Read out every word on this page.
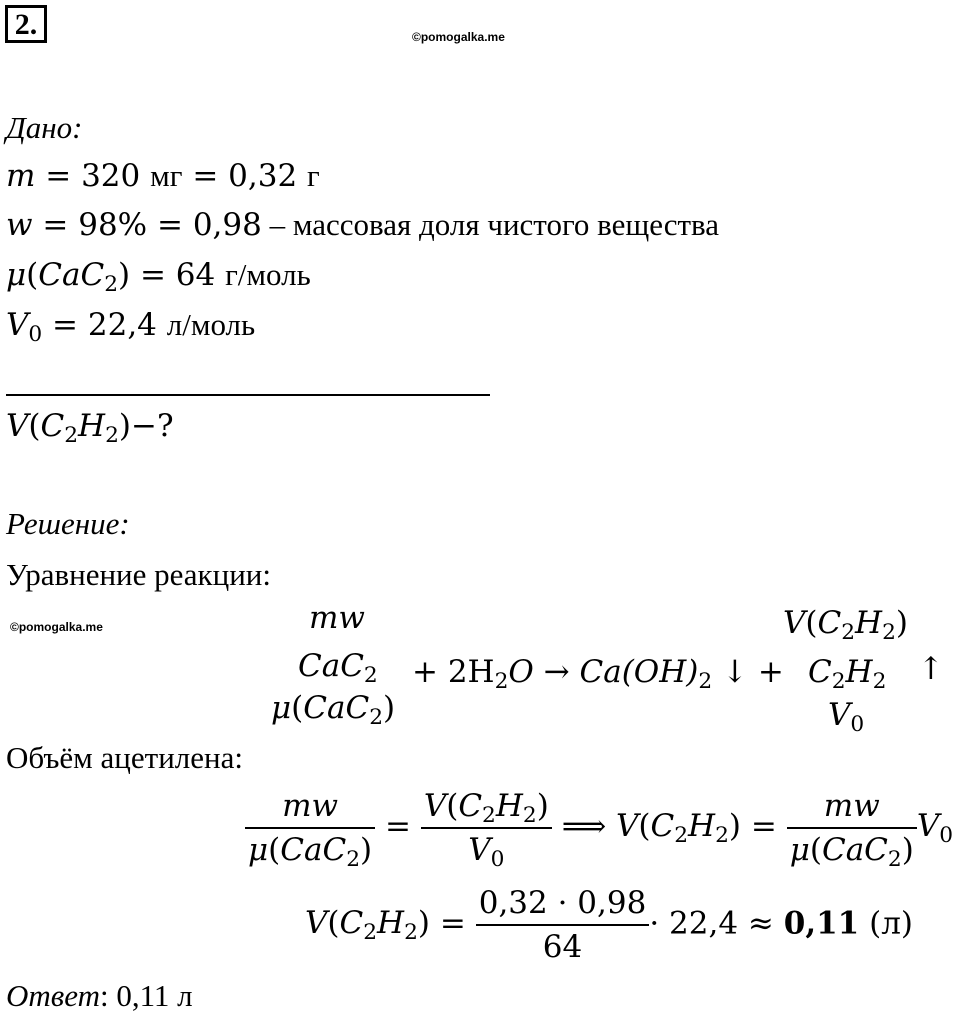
2.	©pomogalka.me
Дано:
m = 320 мг = 0,32 г
w = 98% = 0,98 – массовая доля чистого вещества
μ(CaC$_2$) = 64 г/моль
$V_0 = 22,4$ л/моль
$V(C_2H_2)-$?
Решение:
Уравнение реакции:
©pomogalka.me	mw
CaC$_2$
μ(CaC$_2$)
+ $2H_2O \to Ca(OH)_2$ ↓ +
$V(C_2H_2)$
$C_2H_2$ ↑
$V_0$
Объём ацетилена:
$\frac{mw}{\mu(CaC_2)} = \frac{V(C_2H_2)}{V_0}$ ⟹ $V(C_2H_2) = \frac{mw}{\mu(CaC_2)} V_0$
$V(C_2H_2) = \frac{0,32 \cdot 0,98}{64} \cdot 22,4 \approx 0,11$ (л)
Ответ: 0,11 л
